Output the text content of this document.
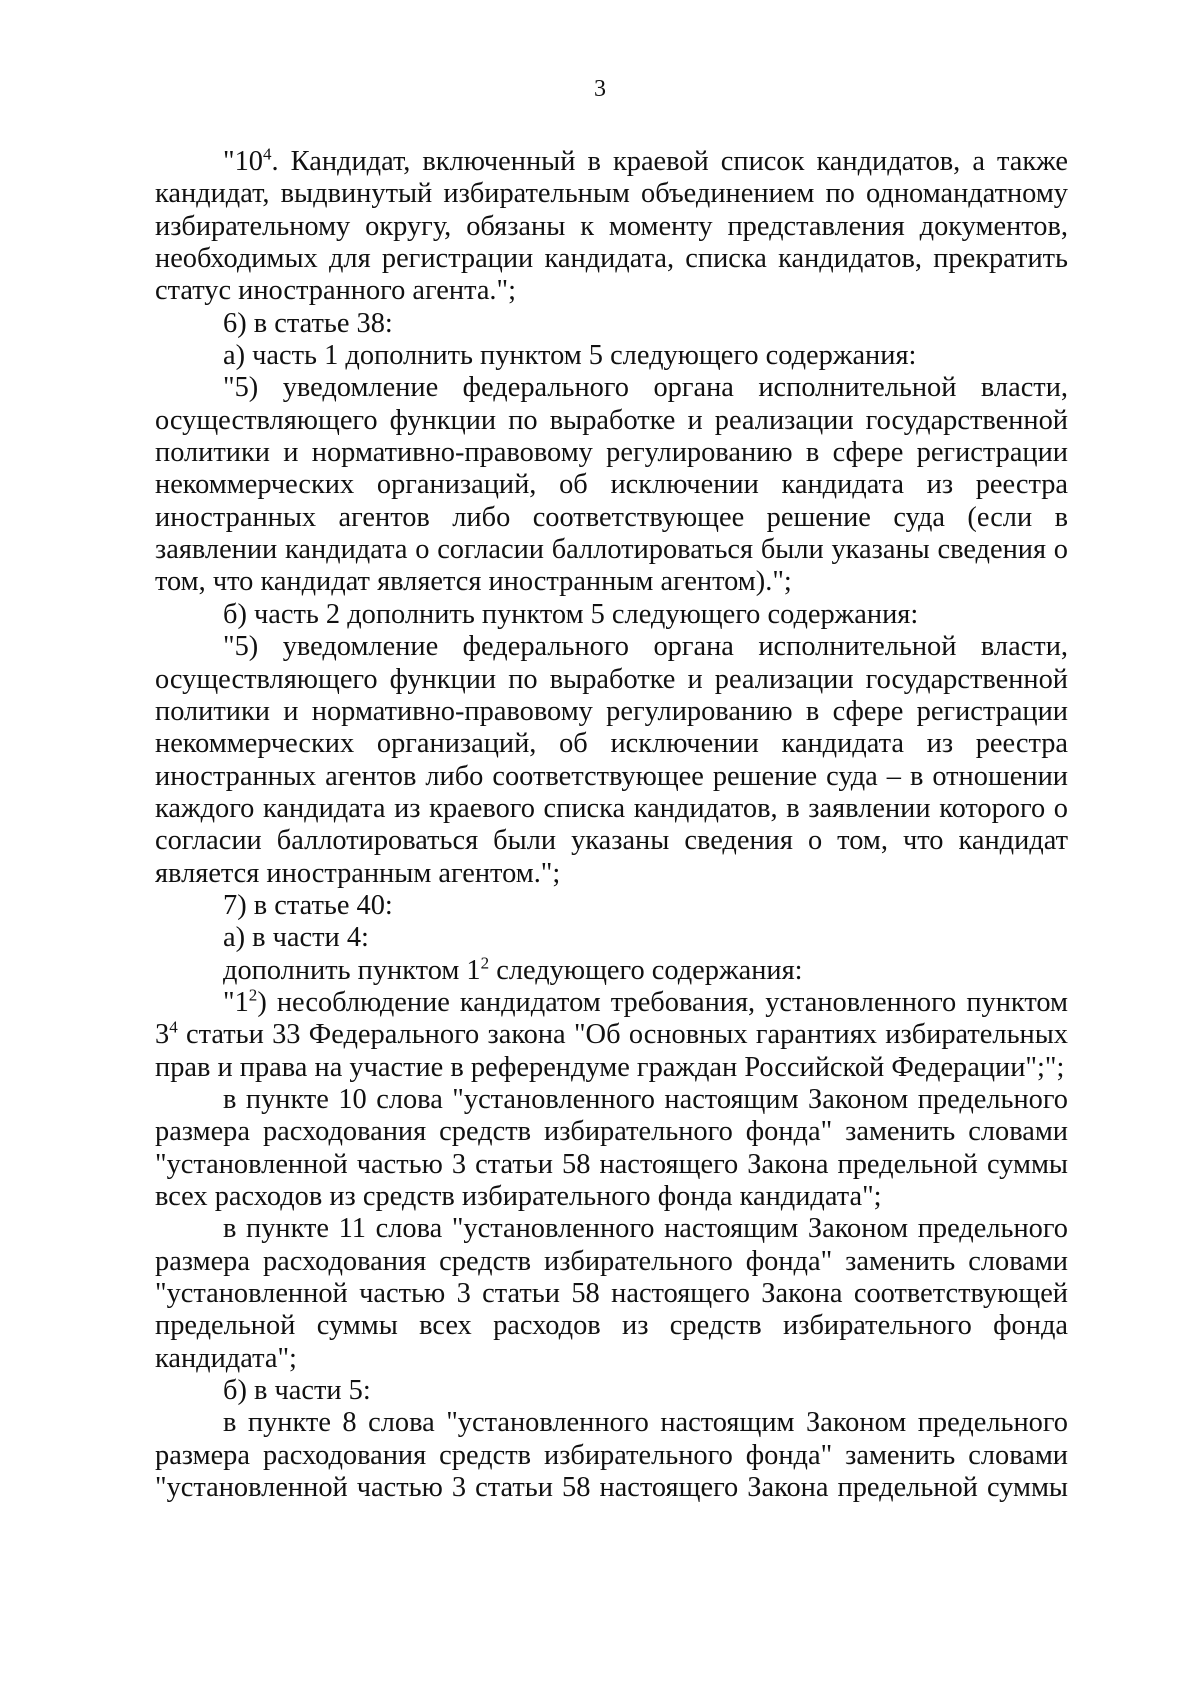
3
"$10^4$. Кандидат, включенный в краевой список кандидатов, а также
кандидат, выдвинутый избирательным объединением по одномандатному
избирательному округу, обязаны к моменту представления документов,
необходимых для регистрации кандидата, списка кандидатов, прекратить
статус иностранного агента.";
6) в статье 38:
а) часть 1 дополнить пунктом 5 следующего содержания:
"5) уведомление федерального органа исполнительной власти,
осуществляющего функции по выработке и реализации государственной
политики и нормативно-правовому регулированию в сфере регистрации
некоммерческих организаций, об исключении кандидата из реестра
иностранных агентов либо соответствующее решение суда (если в
заявлении кандидата о согласии баллотироваться были указаны сведения о
том, что кандидат является иностранным агентом).";
б) часть 2 дополнить пунктом 5 следующего содержания:
"5) уведомление федерального органа исполнительной власти,
осуществляющего функции по выработке и реализации государственной
политики и нормативно-правовому регулированию в сфере регистрации
некоммерческих организаций, об исключении кандидата из реестра
иностранных агентов либо соответствующее решение суда – в отношении
каждого кандидата из краевого списка кандидатов, в заявлении которого о
согласии баллотироваться были указаны сведения о том, что кандидат
является иностранным агентом.";
7) в статье 40:
а) в части 4:
дополнить пунктом $1^2$ следующего содержания:
"$1^2$) несоблюдение кандидатом требования, установленного пунктом
$3^4$ статьи 33 Федерального закона "Об основных гарантиях избирательных
прав и права на участие в референдуме граждан Российской Федерации";";
в пункте 10 слова "установленного настоящим Законом предельного
размера расходования средств избирательного фонда" заменить словами
"установленной частью 3 статьи 58 настоящего Закона предельной суммы
всех расходов из средств избирательного фонда кандидата";
в пункте 11 слова "установленного настоящим Законом предельного
размера расходования средств избирательного фонда" заменить словами
"установленной частью 3 статьи 58 настоящего Закона соответствующей
предельной суммы всех расходов из средств избирательного фонда
кандидата";
б) в части 5:
в пункте 8 слова "установленного настоящим Законом предельного
размера расходования средств избирательного фонда" заменить словами
"установленной частью 3 статьи 58 настоящего Закона предельной суммы
